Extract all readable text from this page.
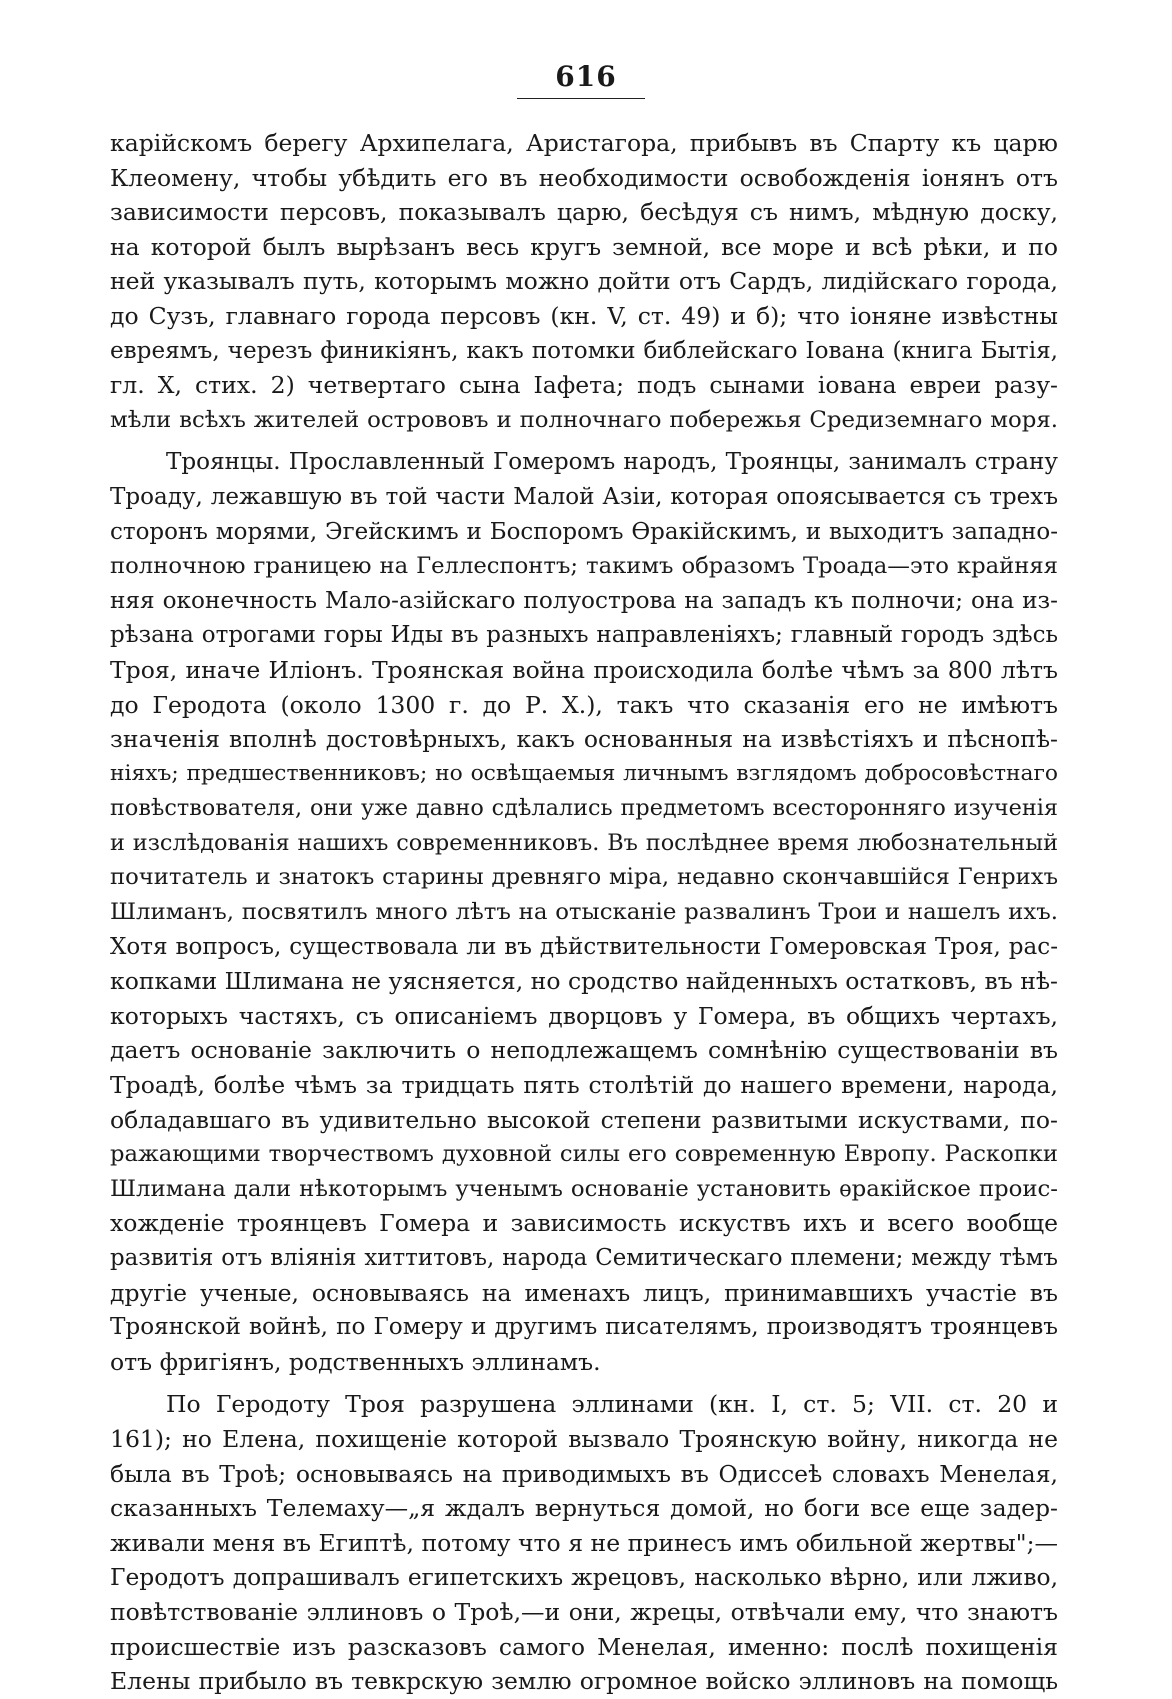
616
карійскомъ берегу Архипелага, Аристагора, прибывъ въ Спарту къ царю
Клеомену, чтобы убѣдить его въ необходимости освобожденія іонянъ отъ
зависимости персовъ, показывалъ царю, бесѣдуя съ нимъ, мѣдную доску,
на которой былъ вырѣзанъ весь кругъ земной, все море и всѣ рѣки, и по
ней указывалъ путь, которымъ можно дойти отъ Сардъ, лидійскаго города,
до Сузъ, главнаго города персовъ (кн. V, ст. 49) и б); что іоняне извѣстны
евреямъ, черезъ финикіянъ, какъ потомки библейскаго Іована (книга Бытія,
гл. X, стих. 2) четвертаго сына Іафета; подъ сынами іована евреи разу-
мѣли всѣхъ жителей острововъ и полночнаго побережья Средиземнаго моря.
Троянцы. Прославленный Гомеромъ народъ, Троянцы, занималъ страну
Троаду, лежавшую въ той части Малой Азіи, которая опоясывается съ трехъ
сторонъ морями, Эгейскимъ и Боспоромъ Ѳракійскимъ, и выходитъ западно-
полночною границею на Геллеспонтъ; такимъ образомъ Троада—это крайняя
няя оконечность Мало-азійскаго полуострова на западъ къ полночи; она из-
рѣзана отрогами горы Иды въ разныхъ направленіяхъ; главный городъ здѣсь
Троя, иначе Иліонъ. Троянская война происходила болѣе чѣмъ за 800 лѣтъ
до Геродота (около 1300 г. до Р. X.), такъ что сказанія его не имѣютъ
значенія вполнѣ достовѣрныхъ, какъ основанныя на извѣстіяхъ и пѣснопѣ-
ніяхъ; предшественниковъ; но освѣщаемыя личнымъ взглядомъ добросовѣстнаго
повѣствователя, они уже давно сдѣлались предметомъ всесторонняго изученія
и изслѣдованія нашихъ современниковъ. Въ послѣднее время любознательный
почитатель и знатокъ старины древняго міра, недавно скончавшійся Генрихъ
Шлиманъ, посвятилъ много лѣтъ на отысканіе развалинъ Трои и нашелъ ихъ.
Хотя вопросъ, существовала ли въ дѣйствительности Гомеровская Троя, рас-
копками Шлимана не уясняется, но сродство найденныхъ остатковъ, въ нѣ-
которыхъ частяхъ, съ описаніемъ дворцовъ у Гомера, въ общихъ чертахъ,
даетъ основаніе заключить о неподлежащемъ сомнѣнію существованіи въ
Троадѣ, болѣе чѣмъ за тридцать пять столѣтій до нашего времени, народа,
обладавшаго въ удивительно высокой степени развитыми искуствами, по-
ражающими творчествомъ духовной силы его современную Европу. Раскопки
Шлимана дали нѣкоторымъ ученымъ основаніе установить ѳракійское проис-
хожденіе троянцевъ Гомера и зависимость искуствъ ихъ и всего вообще
развитія отъ вліянія хиттитовъ, народа Семитическаго племени; между тѣмъ
другіе ученые, основываясь на именахъ лицъ, принимавшихъ участіе въ
Троянской войнѣ, по Гомеру и другимъ писателямъ, производятъ троянцевъ
отъ фригіянъ, родственныхъ эллинамъ.
По Геродоту Троя разрушена эллинами (кн. I, ст. 5; VII. ст. 20 и
161); но Елена, похищеніе которой вызвало Троянскую войну, никогда не
была въ Троѣ; основываясь на приводимыхъ въ Одиссеѣ словахъ Менелая,
сказанныхъ Телемаху—„я ждалъ вернуться домой, но боги все еще задер-
живали меня въ Египтѣ, потому что я не принесъ имъ обильной жертвы";—
Геродотъ допрашивалъ египетскихъ жрецовъ, насколько вѣрно, или лживо,
повѣтствованіе эллиновъ о Троѣ,—и они, жрецы, отвѣчали ему, что знаютъ
происшествіе изъ разсказовъ самого Менелая, именно: послѣ похищенія
Елены прибыло въ тевкрскую землю огромное войско эллиновъ на помощь
